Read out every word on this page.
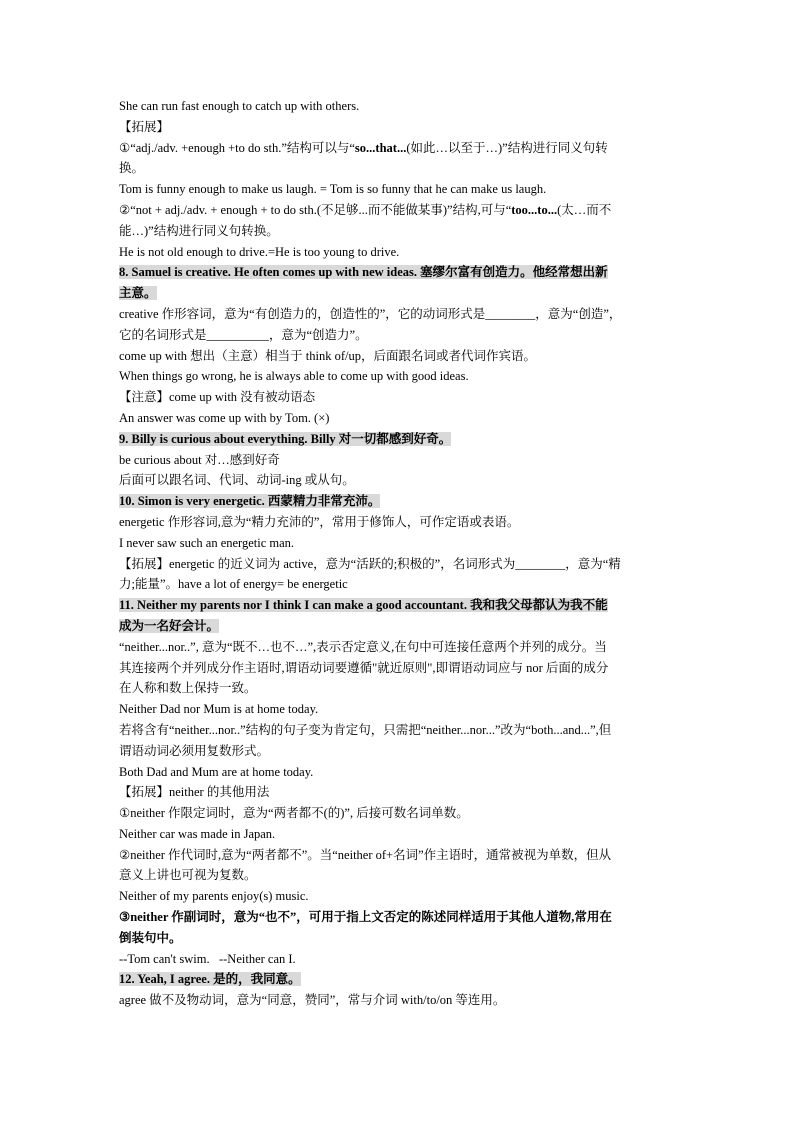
She can run fast enough to catch up with others.
【拓展】
①“adj./adv. +enough +to do sth.”结构可以与“so...that...(如此…以至于…)”结构进行同义句转
换。
Tom is funny enough to make us laugh. = Tom is so funny that he can make us laugh.
②“not + adj./adv. + enough + to do sth.(不足够...而不能做某事)”结构,可与“too...to...(太…而不
能…)”结构进行同义句转换。
He is not old enough to drive.=He is too young to drive.
8. Samuel is creative. He often comes up with new ideas. 塞缪尔富有创造力。他经常想出新
主意。
creative 作形容词，意为“有创造力的，创造性的”，它的动词形式是________，意为“创造”，
它的名词形式是__________，意为“创造力”。
come up with 想出（主意）相当于 think of/up，后面跟名词或者代词作宾语。
When things go wrong, he is always able to come up with good ideas.
【注意】come up with 没有被动语态
An answer was come up with by Tom. (×)
9. Billy is curious about everything. Billy 对一切都感到好奇。
be curious about 对…感到好奇
后面可以跟名词、代词、动词-ing 或从句。
10. Simon is very energetic. 西蒙精力非常充沛。
energetic 作形容词,意为“精力充沛的”，常用于修饰人，可作定语或表语。
I never saw such an energetic man.
【拓展】energetic 的近义词为 active，意为“活跃的;积极的”，名词形式为________，意为“精
力;能量”。have a lot of energy= be energetic
11. Neither my parents nor I think I can make a good accountant. 我和我父母都认为我不能
成为一名好会计。
“neither...nor..”, 意为“既不…也不…”,表示否定意义,在句中可连接任意两个并列的成分。当
其连接两个并列成分作主语时,谓语动词要遵循"就近原则",即谓语动词应与 nor 后面的成分
在人称和数上保持一致。
Neither Dad nor Mum is at home today.
若将含有“neither...nor..”结构的句子变为肯定句，只需把“neither...nor...”改为“both...and...”,但
谓语动词必须用复数形式。
Both Dad and Mum are at home today.
【拓展】neither 的其他用法
①neither 作限定词时，意为“两者都不(的)”, 后接可数名词单数。
Neither car was made in Japan.
②neither 作代词时,意为“两者都不”。当“neither of+名词”作主语时，通常被视为单数，但从
意义上讲也可视为复数。
Neither of my parents enjoy(s) music.
③neither 作副词时，意为“也不”，可用于指上文否定的陈述同样适用于其他人道物,常用在
倒装句中。
--Tom can't swim.   --Neither can I.
12. Yeah, I agree. 是的，我同意。
agree 做不及物动词，意为“同意，赞同”，常与介词 with/to/on 等连用。
